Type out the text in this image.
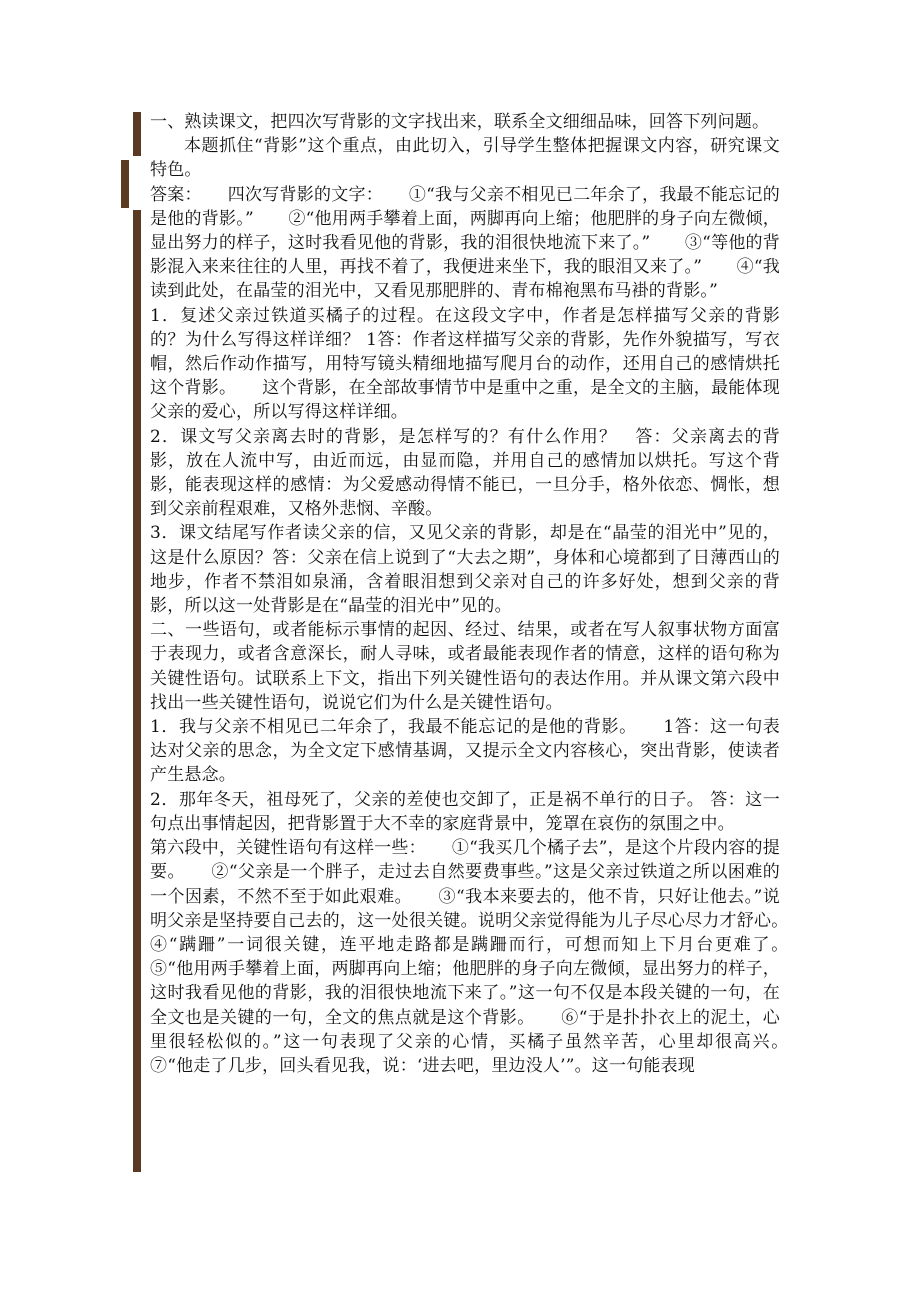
一、熟读课文，把四次写背影的文字找出来，联系全文细细品味，回答下列问题。

本题抓住“背影”这个重点，由此切入，引导学生整体把握课文内容，研究课文特色。

答案：　　四次写背影的文字：　　①“我与父亲不相见已二年余了，我最不能忘记的是他的背影。”　　②“他用两手攀着上面，两脚再向上缩；他肥胖的身子向左微倾，显出努力的样子，这时我看见他的背影，我的泪很快地流下来了。”　　③“等他的背影混入来来往往的人里，再找不着了，我便进来坐下，我的眼泪又来了。”　　④“我读到此处，在晶莹的泪光中，又看见那肥胖的、青布棉袍黑布马褂的背影。”

1．复述父亲过铁道买橘子的过程。在这段文字中，作者是怎样描写父亲的背影的？为什么写得这样详细？ 1答：作者这样描写父亲的背影，先作外貌描写，写衣帽，然后作动作描写，用特写镜头精细地描写爬月台的动作，还用自己的感情烘托这个背影。　　这个背影，在全部故事情节中是重中之重，是全文的主脑，最能体现父亲的爱心，所以写得这样详细。

2．课文写父亲离去时的背影，是怎样写的？有什么作用？　答：父亲离去的背影，放在人流中写，由近而远，由显而隐，并用自己的感情加以烘托。写这个背影，能表现这样的感情：为父爱感动得情不能已，一旦分手，格外依恋、惆怅，想到父亲前程艰难，又格外悲悯、辛酸。

3．课文结尾写作者读父亲的信，又见父亲的背影，却是在“晶莹的泪光中”见的，这是什么原因？答：父亲在信上说到了“大去之期”，身体和心境都到了日薄西山的地步，作者不禁泪如泉涌，含着眼泪想到父亲对自己的许多好处，想到父亲的背影，所以这一处背影是在“晶莹的泪光中”见的。

二、一些语句，或者能标示事情的起因、经过、结果，或者在写人叙事状物方面富于表现力，或者含意深长，耐人寻味，或者最能表现作者的情意，这样的语句称为关键性语句。试联系上下文，指出下列关键性语句的表达作用。并从课文第六段中找出一些关键性语句，说说它们为什么是关键性语句。

1．我与父亲不相见已二年余了，我最不能忘记的是他的背影。　　1答：这一句表达对父亲的思念，为全文定下感情基调，又提示全文内容核心，突出背影，使读者产生悬念。

2．那年冬天，祖母死了，父亲的差使也交卸了，正是祸不单行的日子。 答：这一句点出事情起因，把背影置于大不幸的家庭背景中，笼罩在哀伤的氛围之中。

第六段中，关键性语句有这样一些：　　①“我买几个橘子去”，是这个片段内容的提要。　　②“父亲是一个胖子，走过去自然要费事些。”这是父亲过铁道之所以困难的一个因素，不然不至于如此艰难。　　③“我本来要去的，他不肯，只好让他去。”说明父亲是坚持要自己去的，这一处很关键。说明父亲觉得能为儿子尽心尽力才舒心。　　④“蹒跚”一词很关键，连平地走路都是蹒跚而行，可想而知上下月台更难了。　　⑤“他用两手攀着上面，两脚再向上缩；他肥胖的身子向左微倾，显出努力的样子，这时我看见他的背影，我的泪很快地流下来了。”这一句不仅是本段关键的一句，在全文也是关键的一句，全文的焦点就是这个背影。　　⑥“于是扑扑衣上的泥土，心里很轻松似的。”这一句表现了父亲的心情，买橘子虽然辛苦，心里却很高兴。　　⑦“他走了几步，回头看见我，说：‘进去吧，里边没人’”。这一句能表现
